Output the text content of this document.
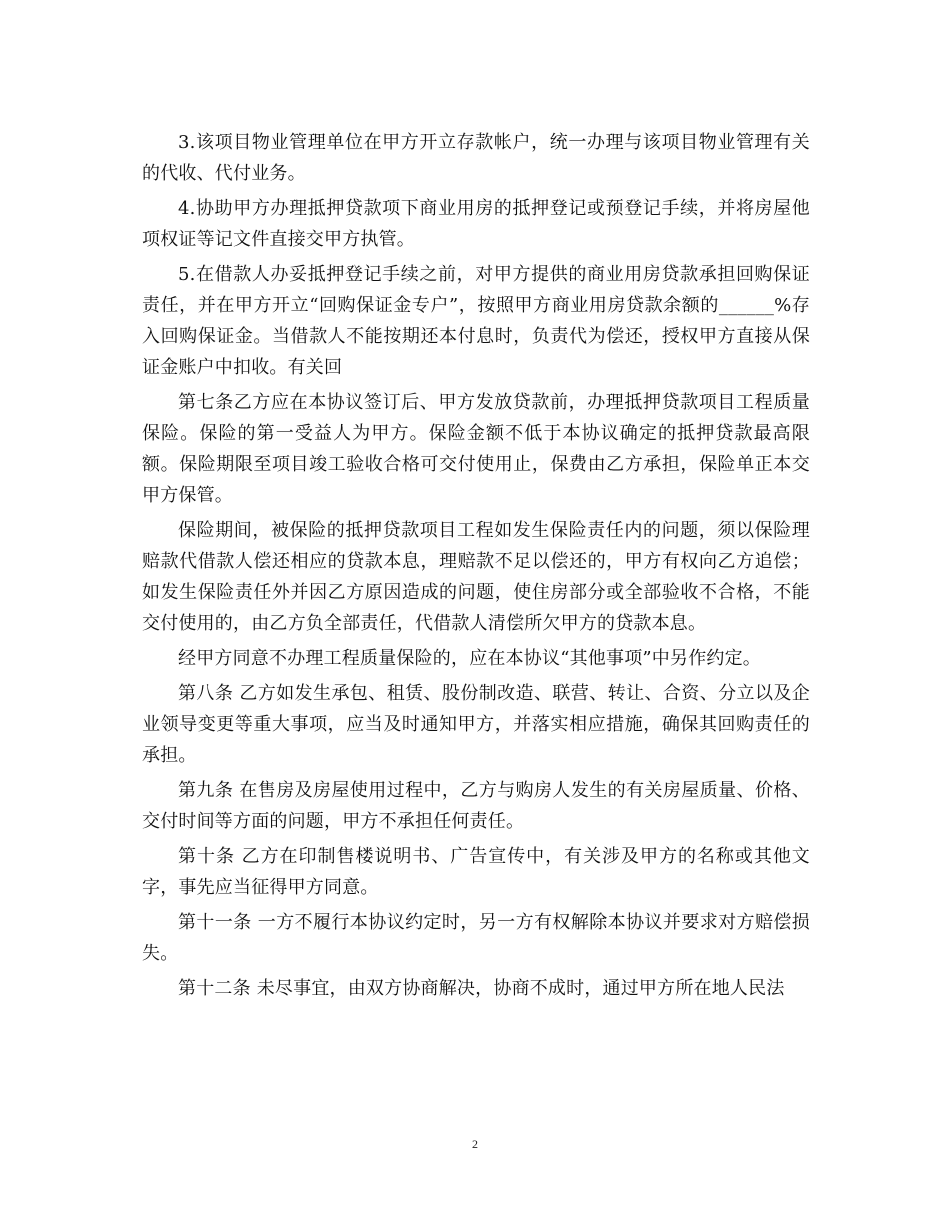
3.该项目物业管理单位在甲方开立存款帐户，统一办理与该项目物业管理有关的代收、代付业务。

4.协助甲方办理抵押贷款项下商业用房的抵押登记或预登记手续，并将房屋他项权证等记文件直接交甲方执管。

5.在借款人办妥抵押登记手续之前，对甲方提供的商业用房贷款承担回购保证责任，并在甲方开立“回购保证金专户”，按照甲方商业用房贷款余额的______%存入回购保证金。当借款人不能按期还本付息时，负责代为偿还，授权甲方直接从保证金账户中扣收。有关回

第七条乙方应在本协议签订后、甲方发放贷款前，办理抵押贷款项目工程质量保险。保险的第一受益人为甲方。保险金额不低于本协议确定的抵押贷款最高限额。保险期限至项目竣工验收合格可交付使用止，保费由乙方承担，保险单正本交甲方保管。

保险期间，被保险的抵押贷款项目工程如发生保险责任内的问题，须以保险理赔款代借款人偿还相应的贷款本息，理赔款不足以偿还的，甲方有权向乙方追偿；如发生保险责任外并因乙方原因造成的问题，使住房部分或全部验收不合格，不能交付使用的，由乙方负全部责任，代借款人清偿所欠甲方的贷款本息。

经甲方同意不办理工程质量保险的，应在本协议“其他事项”中另作约定。

第八条 乙方如发生承包、租赁、股份制改造、联营、转让、合资、分立以及企业领导变更等重大事项，应当及时通知甲方，并落实相应措施，确保其回购责任的承担。

第九条 在售房及房屋使用过程中，乙方与购房人发生的有关房屋质量、价格、交付时间等方面的问题，甲方不承担任何责任。

第十条 乙方在印制售楼说明书、广告宣传中，有关涉及甲方的名称或其他文字，事先应当征得甲方同意。

第十一条 一方不履行本协议约定时，另一方有权解除本协议并要求对方赔偿损失。

第十二条 未尽事宜，由双方协商解决，协商不成时，通过甲方所在地人民法

2
